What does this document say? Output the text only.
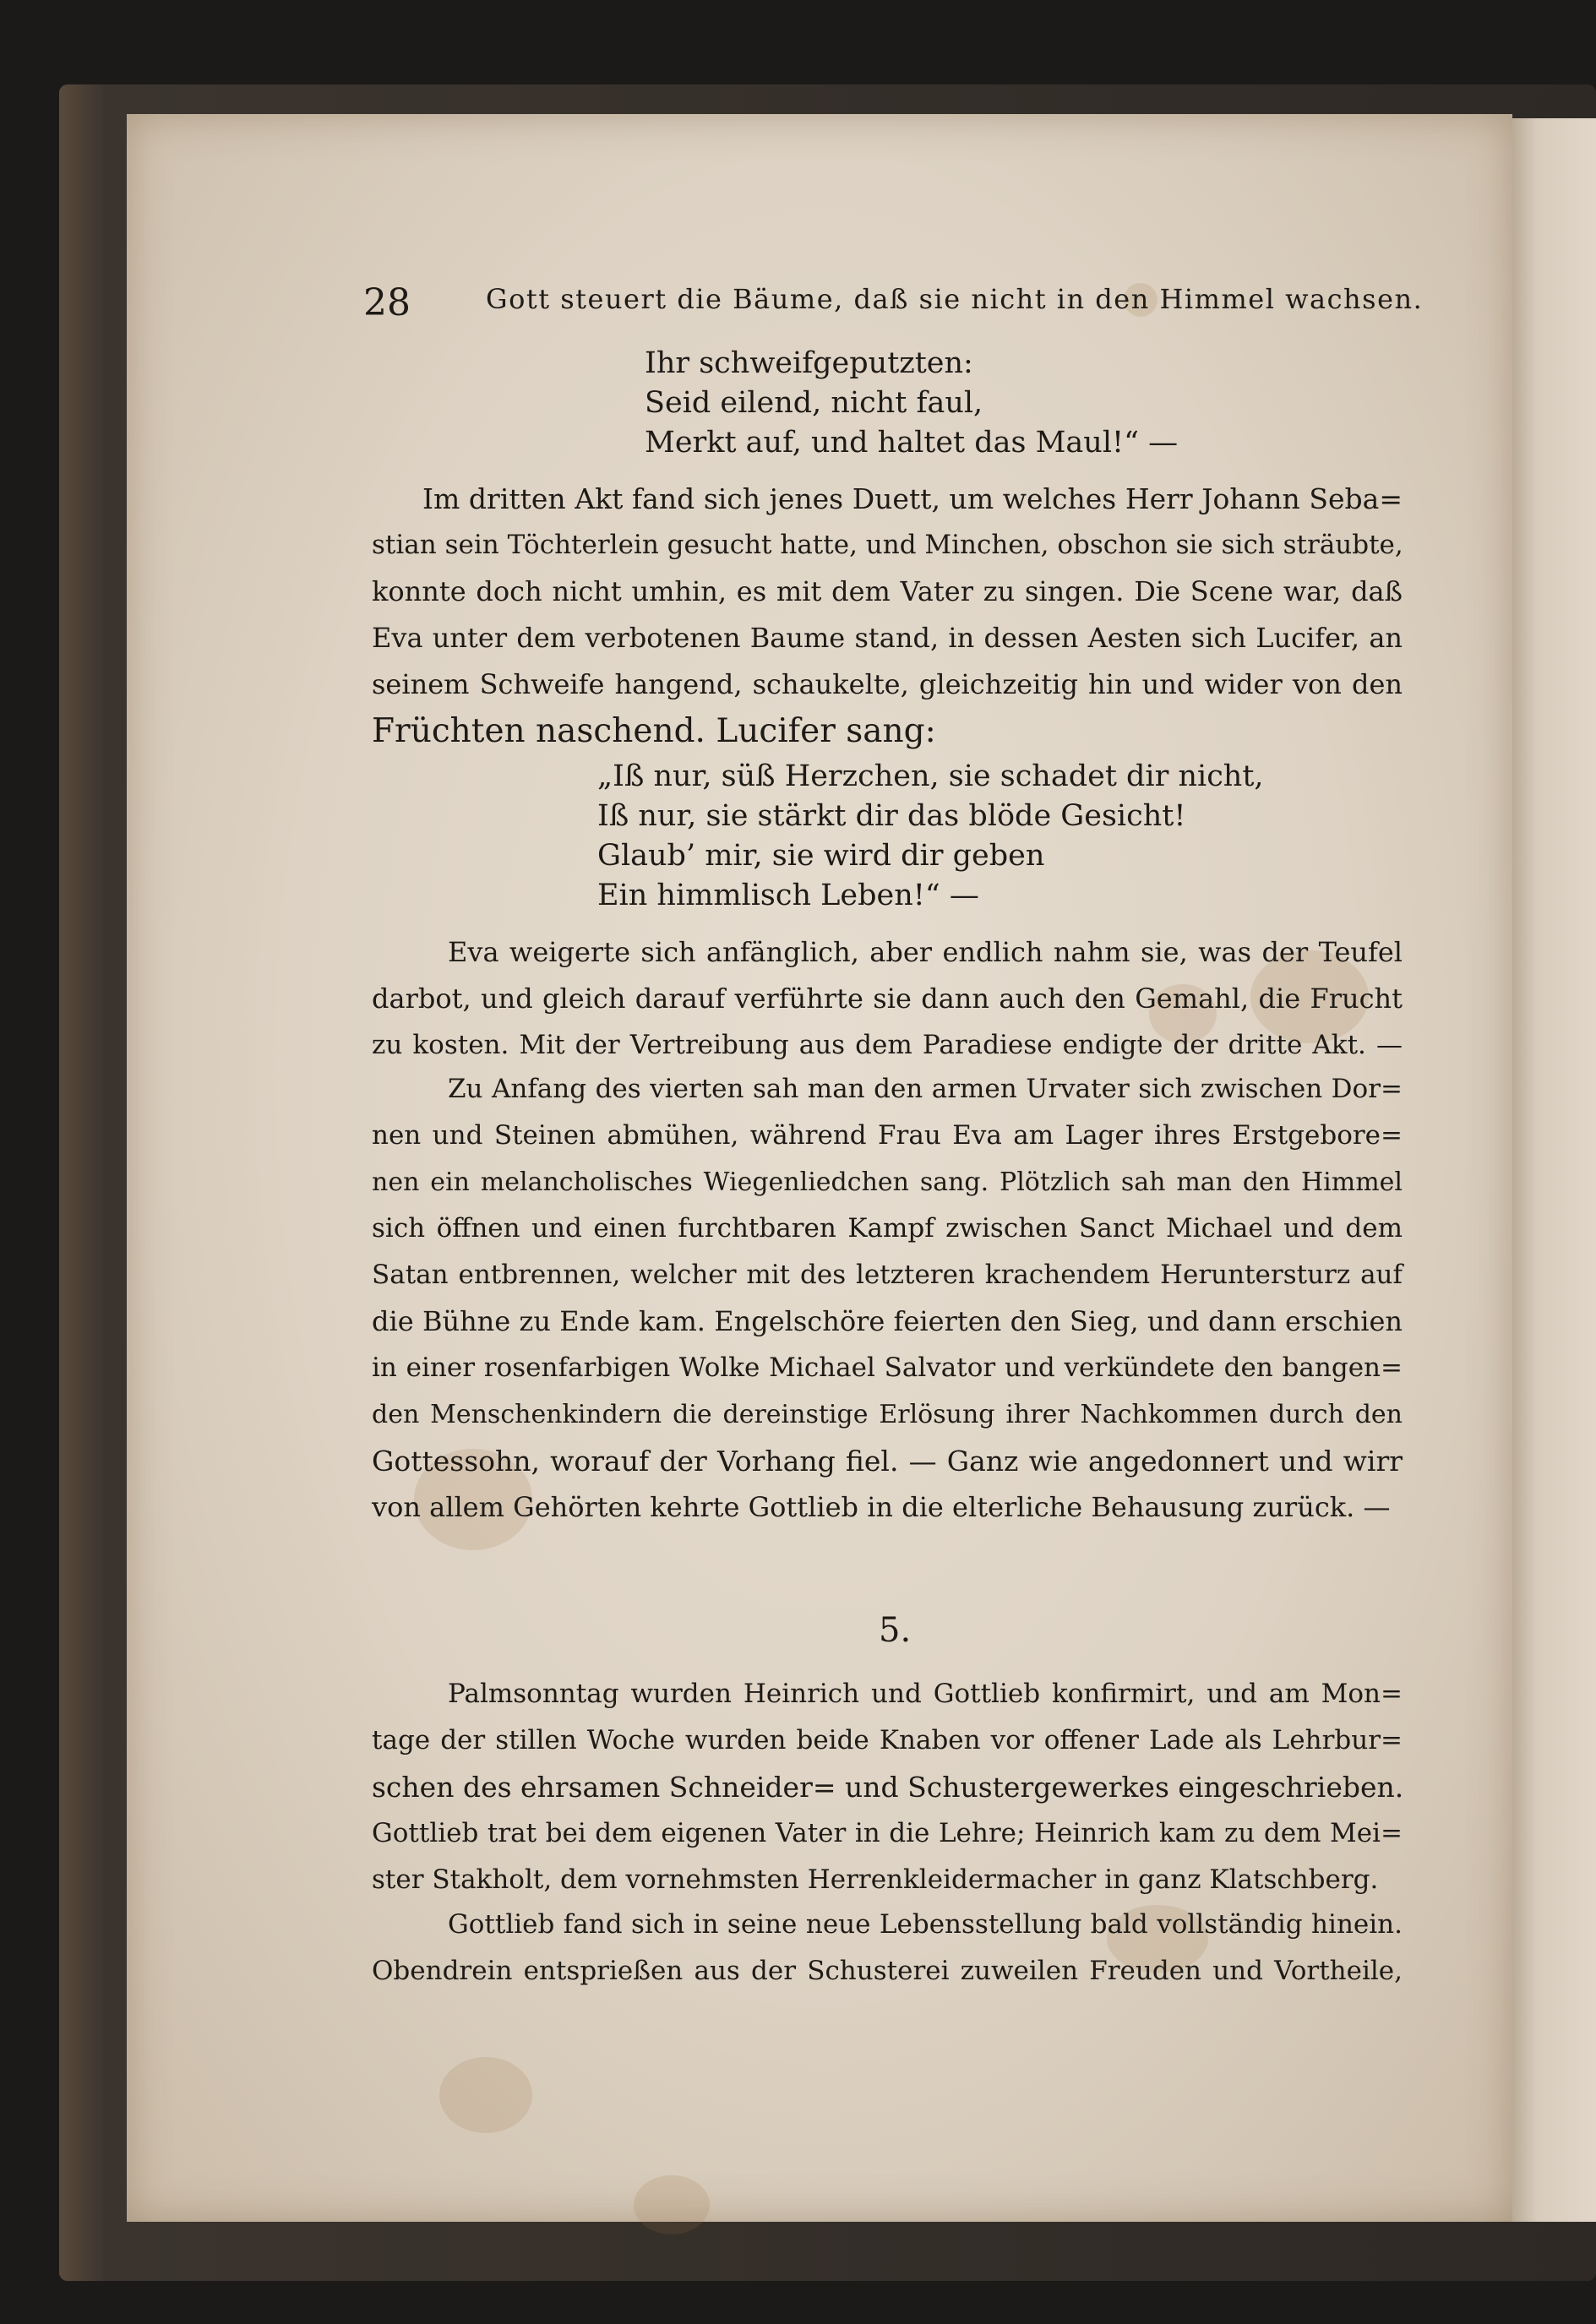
28	Gott steuert die Bäume, daß sie nicht in den Himmel wachsen.
Ihr schweifgeputzten:
Seid eilend, nicht faul,
Merkt auf, und haltet das Maul!“ —
Im dritten Akt fand sich jenes Duett, um welches Herr Johann Seba=
stian sein Töchterlein gesucht hatte, und Minchen, obschon sie sich sträubte,
konnte doch nicht umhin, es mit dem Vater zu singen. Die Scene war, daß
Eva unter dem verbotenen Baume stand, in dessen Aesten sich Lucifer, an
seinem Schweife hangend, schaukelte, gleichzeitig hin und wider von den
Früchten naschend. Lucifer sang:
„Iß nur, süß Herzchen, sie schadet dir nicht,
Iß nur, sie stärkt dir das blöde Gesicht!
Glaub’ mir, sie wird dir geben
Ein himmlisch Leben!“ —
Eva weigerte sich anfänglich, aber endlich nahm sie, was der Teufel
darbot, und gleich darauf verführte sie dann auch den Gemahl, die Frucht
zu kosten. Mit der Vertreibung aus dem Paradiese endigte der dritte Akt. —
Zu Anfang des vierten sah man den armen Urvater sich zwischen Dor=
nen und Steinen abmühen, während Frau Eva am Lager ihres Erstgebore=
nen ein melancholisches Wiegenliedchen sang. Plötzlich sah man den Himmel
sich öffnen und einen furchtbaren Kampf zwischen Sanct Michael und dem
Satan entbrennen, welcher mit des letzteren krachendem Heruntersturz auf
die Bühne zu Ende kam. Engelschöre feierten den Sieg, und dann erschien
in einer rosenfarbigen Wolke Michael Salvator und verkündete den bangen=
den Menschenkindern die dereinstige Erlösung ihrer Nachkommen durch den
Gottessohn, worauf der Vorhang fiel. — Ganz wie angedonnert und wirr
von allem Gehörten kehrte Gottlieb in die elterliche Behausung zurück. —
5.
Palmsonntag wurden Heinrich und Gottlieb konfirmirt, und am Mon=
tage der stillen Woche wurden beide Knaben vor offener Lade als Lehrbur=
schen des ehrsamen Schneider= und Schustergewerkes eingeschrieben.
Gottlieb trat bei dem eigenen Vater in die Lehre; Heinrich kam zu dem Mei=
ster Stakholt, dem vornehmsten Herrenkleidermacher in ganz Klatschberg.
Gottlieb fand sich in seine neue Lebensstellung bald vollständig hinein.
Obendrein entsprießen aus der Schusterei zuweilen Freuden und Vortheile,
